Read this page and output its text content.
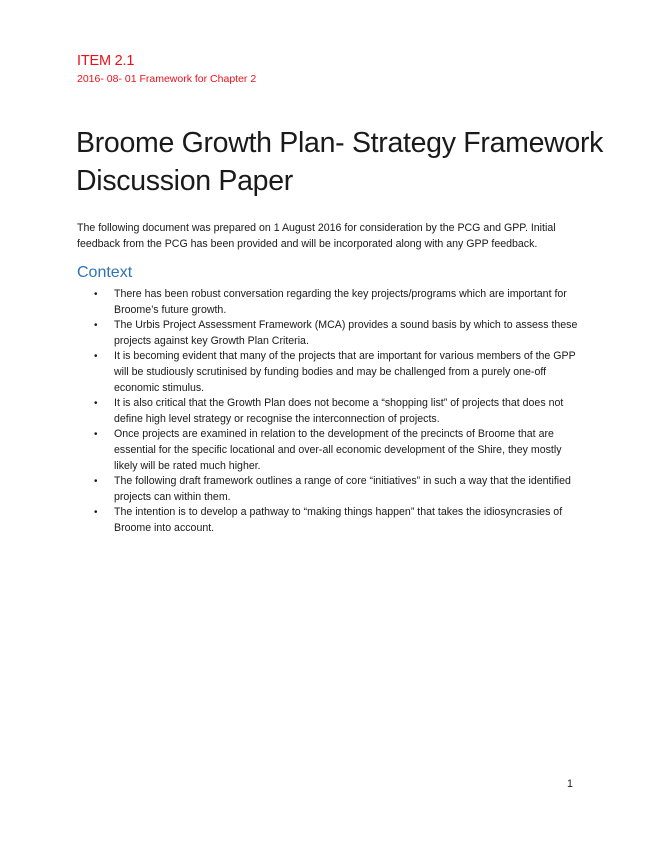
ITEM 2.1
2016- 08- 01 Framework for Chapter 2
Broome Growth Plan- Strategy Framework
Discussion Paper

The following document was prepared on 1 August 2016 for consideration by the PCG and GPP. Initial feedback from the PCG has been provided and will be incorporated along with any GPP feedback.

Context
• There has been robust conversation regarding the key projects/programs which are important for Broome’s future growth.
• The Urbis Project Assessment Framework (MCA) provides a sound basis by which to assess these projects against key Growth Plan Criteria.
• It is becoming evident that many of the projects that are important for various members of the GPP will be studiously scrutinised by funding bodies and may be challenged from a purely one-off economic stimulus.
• It is also critical that the Growth Plan does not become a “shopping list” of projects that does not define high level strategy or recognise the interconnection of projects.
• Once projects are examined in relation to the development of the precincts of Broome that are essential for the specific locational and over-all economic development of the Shire, they mostly likely will be rated much higher.
• The following draft framework outlines a range of core “initiatives” in such a way that the identified projects can within them.
• The intention is to develop a pathway to “making things happen” that takes the idiosyncrasies of Broome into account.
1
